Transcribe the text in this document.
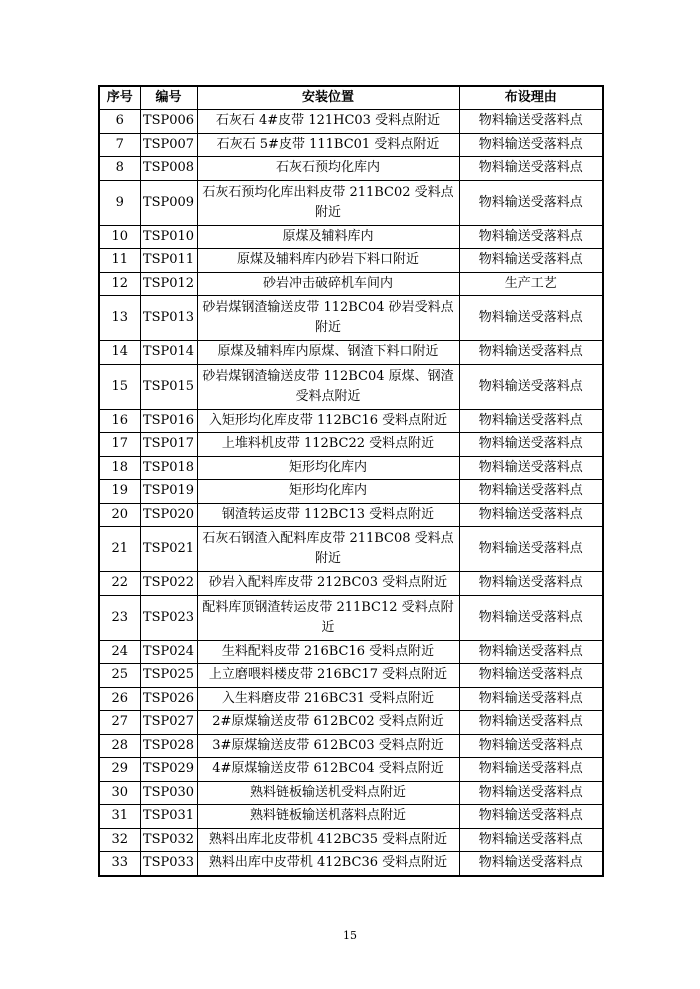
序号	编号	安装位置	布设理由
6	TSP006	石灰石 4#皮带 121HC03 受料点附近	物料输送受落料点
7	TSP007	石灰石 5#皮带 111BC01 受料点附近	物料输送受落料点
8	TSP008	石灰石预均化库内	物料输送受落料点
9	TSP009	石灰石预均化库出料皮带 211BC02 受料点附近	物料输送受落料点
10	TSP010	原煤及辅料库内	物料输送受落料点
11	TSP011	原煤及辅料库内砂岩下料口附近	物料输送受落料点
12	TSP012	砂岩冲击破碎机车间内	生产工艺
13	TSP013	砂岩煤钢渣输送皮带 112BC04 砂岩受料点附近	物料输送受落料点
14	TSP014	原煤及辅料库内原煤、钢渣下料口附近	物料输送受落料点
15	TSP015	砂岩煤钢渣输送皮带 112BC04 原煤、钢渣受料点附近	物料输送受落料点
16	TSP016	入矩形均化库皮带 112BC16 受料点附近	物料输送受落料点
17	TSP017	上堆料机皮带 112BC22 受料点附近	物料输送受落料点
18	TSP018	矩形均化库内	物料输送受落料点
19	TSP019	矩形均化库内	物料输送受落料点
20	TSP020	钢渣转运皮带 112BC13 受料点附近	物料输送受落料点
21	TSP021	石灰石钢渣入配料库皮带 211BC08 受料点附近	物料输送受落料点
22	TSP022	砂岩入配料库皮带 212BC03 受料点附近	物料输送受落料点
23	TSP023	配料库顶钢渣转运皮带 211BC12 受料点附近	物料输送受落料点
24	TSP024	生料配料皮带 216BC16 受料点附近	物料输送受落料点
25	TSP025	上立磨喂料楼皮带 216BC17 受料点附近	物料输送受落料点
26	TSP026	入生料磨皮带 216BC31 受料点附近	物料输送受落料点
27	TSP027	2#原煤输送皮带 612BC02 受料点附近	物料输送受落料点
28	TSP028	3#原煤输送皮带 612BC03 受料点附近	物料输送受落料点
29	TSP029	4#原煤输送皮带 612BC04 受料点附近	物料输送受落料点
30	TSP030	熟料链板输送机受料点附近	物料输送受落料点
31	TSP031	熟料链板输送机落料点附近	物料输送受落料点
32	TSP032	熟料出库北皮带机 412BC35 受料点附近	物料输送受落料点
33	TSP033	熟料出库中皮带机 412BC36 受料点附近	物料输送受落料点
15
